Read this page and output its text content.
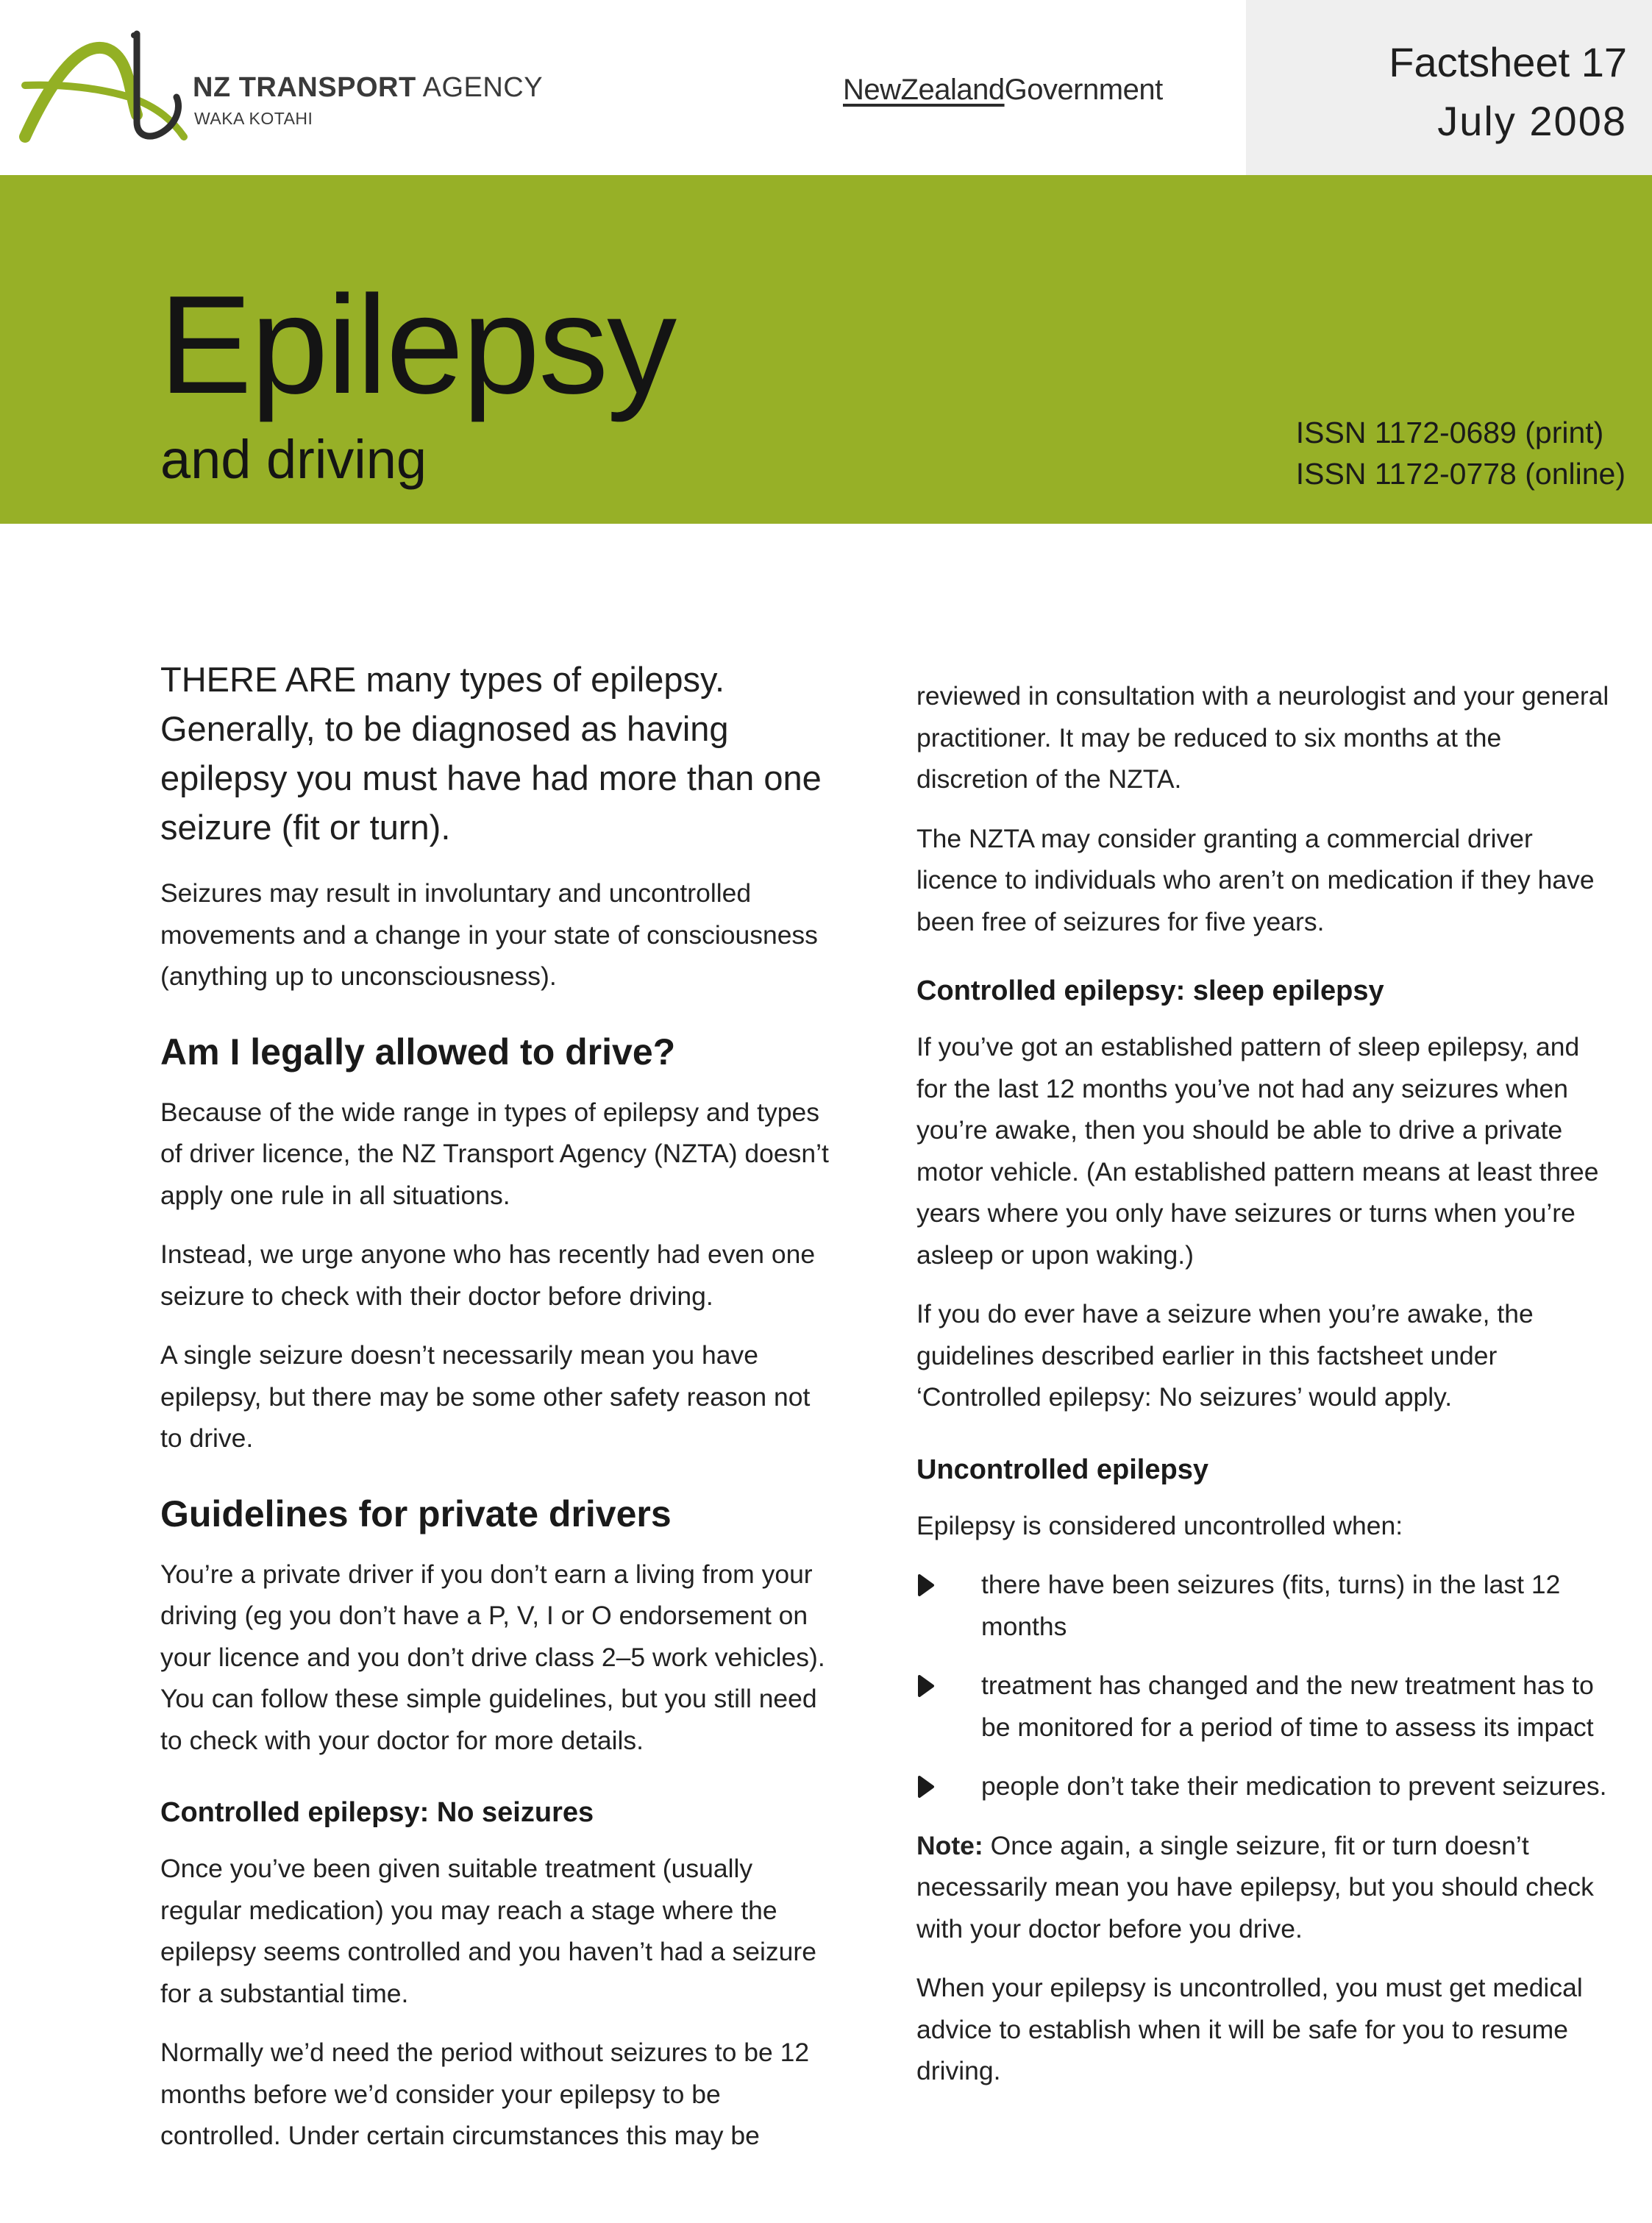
NZ TRANSPORT AGENCY
WAKA KOTAHI
NewZealandGovernment
Factsheet 17
July 2008
Epilepsy
and driving	ISSN 1172-0689 (print)
ISSN 1172-0778 (online)

THERE ARE many types of epilepsy. Generally, to be diagnosed as having epilepsy you must have had more than one seizure (fit or turn).

Seizures may result in involuntary and uncontrolled movements and a change in your state of consciousness (anything up to unconsciousness).

Am I legally allowed to drive?

Because of the wide range in types of epilepsy and types of driver licence, the NZ Transport Agency (NZTA) doesn’t apply one rule in all situations.

Instead, we urge anyone who has recently had even one seizure to check with their doctor before driving.

A single seizure doesn’t necessarily mean you have epilepsy, but there may be some other safety reason not to drive.

Guidelines for private drivers

You’re a private driver if you don’t earn a living from your driving (eg you don’t have a P, V, I or O endorsement on your licence and you don’t drive class 2–5 work vehicles). You can follow these simple guidelines, but you still need to check with your doctor for more details.

Controlled epilepsy: No seizures

Once you’ve been given suitable treatment (usually regular medication) you may reach a stage where the epilepsy seems controlled and you haven’t had a seizure for a substantial time.

Normally we’d need the period without seizures to be 12 months before we’d consider your epilepsy to be controlled. Under certain circumstances this may be

reviewed in consultation with a neurologist and your general practitioner. It may be reduced to six months at the discretion of the NZTA.

The NZTA may consider granting a commercial driver licence to individuals who aren’t on medication if they have been free of seizures for five years.

Controlled epilepsy: sleep epilepsy

If you’ve got an established pattern of sleep epilepsy, and for the last 12 months you’ve not had any seizures when you’re awake, then you should be able to drive a private motor vehicle. (An established pattern means at least three years where you only have seizures or turns when you’re asleep or upon waking.)

If you do ever have a seizure when you’re awake, the guidelines described earlier in this factsheet under ‘Controlled epilepsy: No seizures’ would apply.

Uncontrolled epilepsy

Epilepsy is considered uncontrolled when:

there have been seizures (fits, turns) in the last 12 months
treatment has changed and the new treatment has to be monitored for a period of time to assess its impact
people don’t take their medication to prevent seizures.

Note: Once again, a single seizure, fit or turn doesn’t necessarily mean you have epilepsy, but you should check with your doctor before you drive.

When your epilepsy is uncontrolled, you must get medical advice to establish when it will be safe for you to resume driving.
